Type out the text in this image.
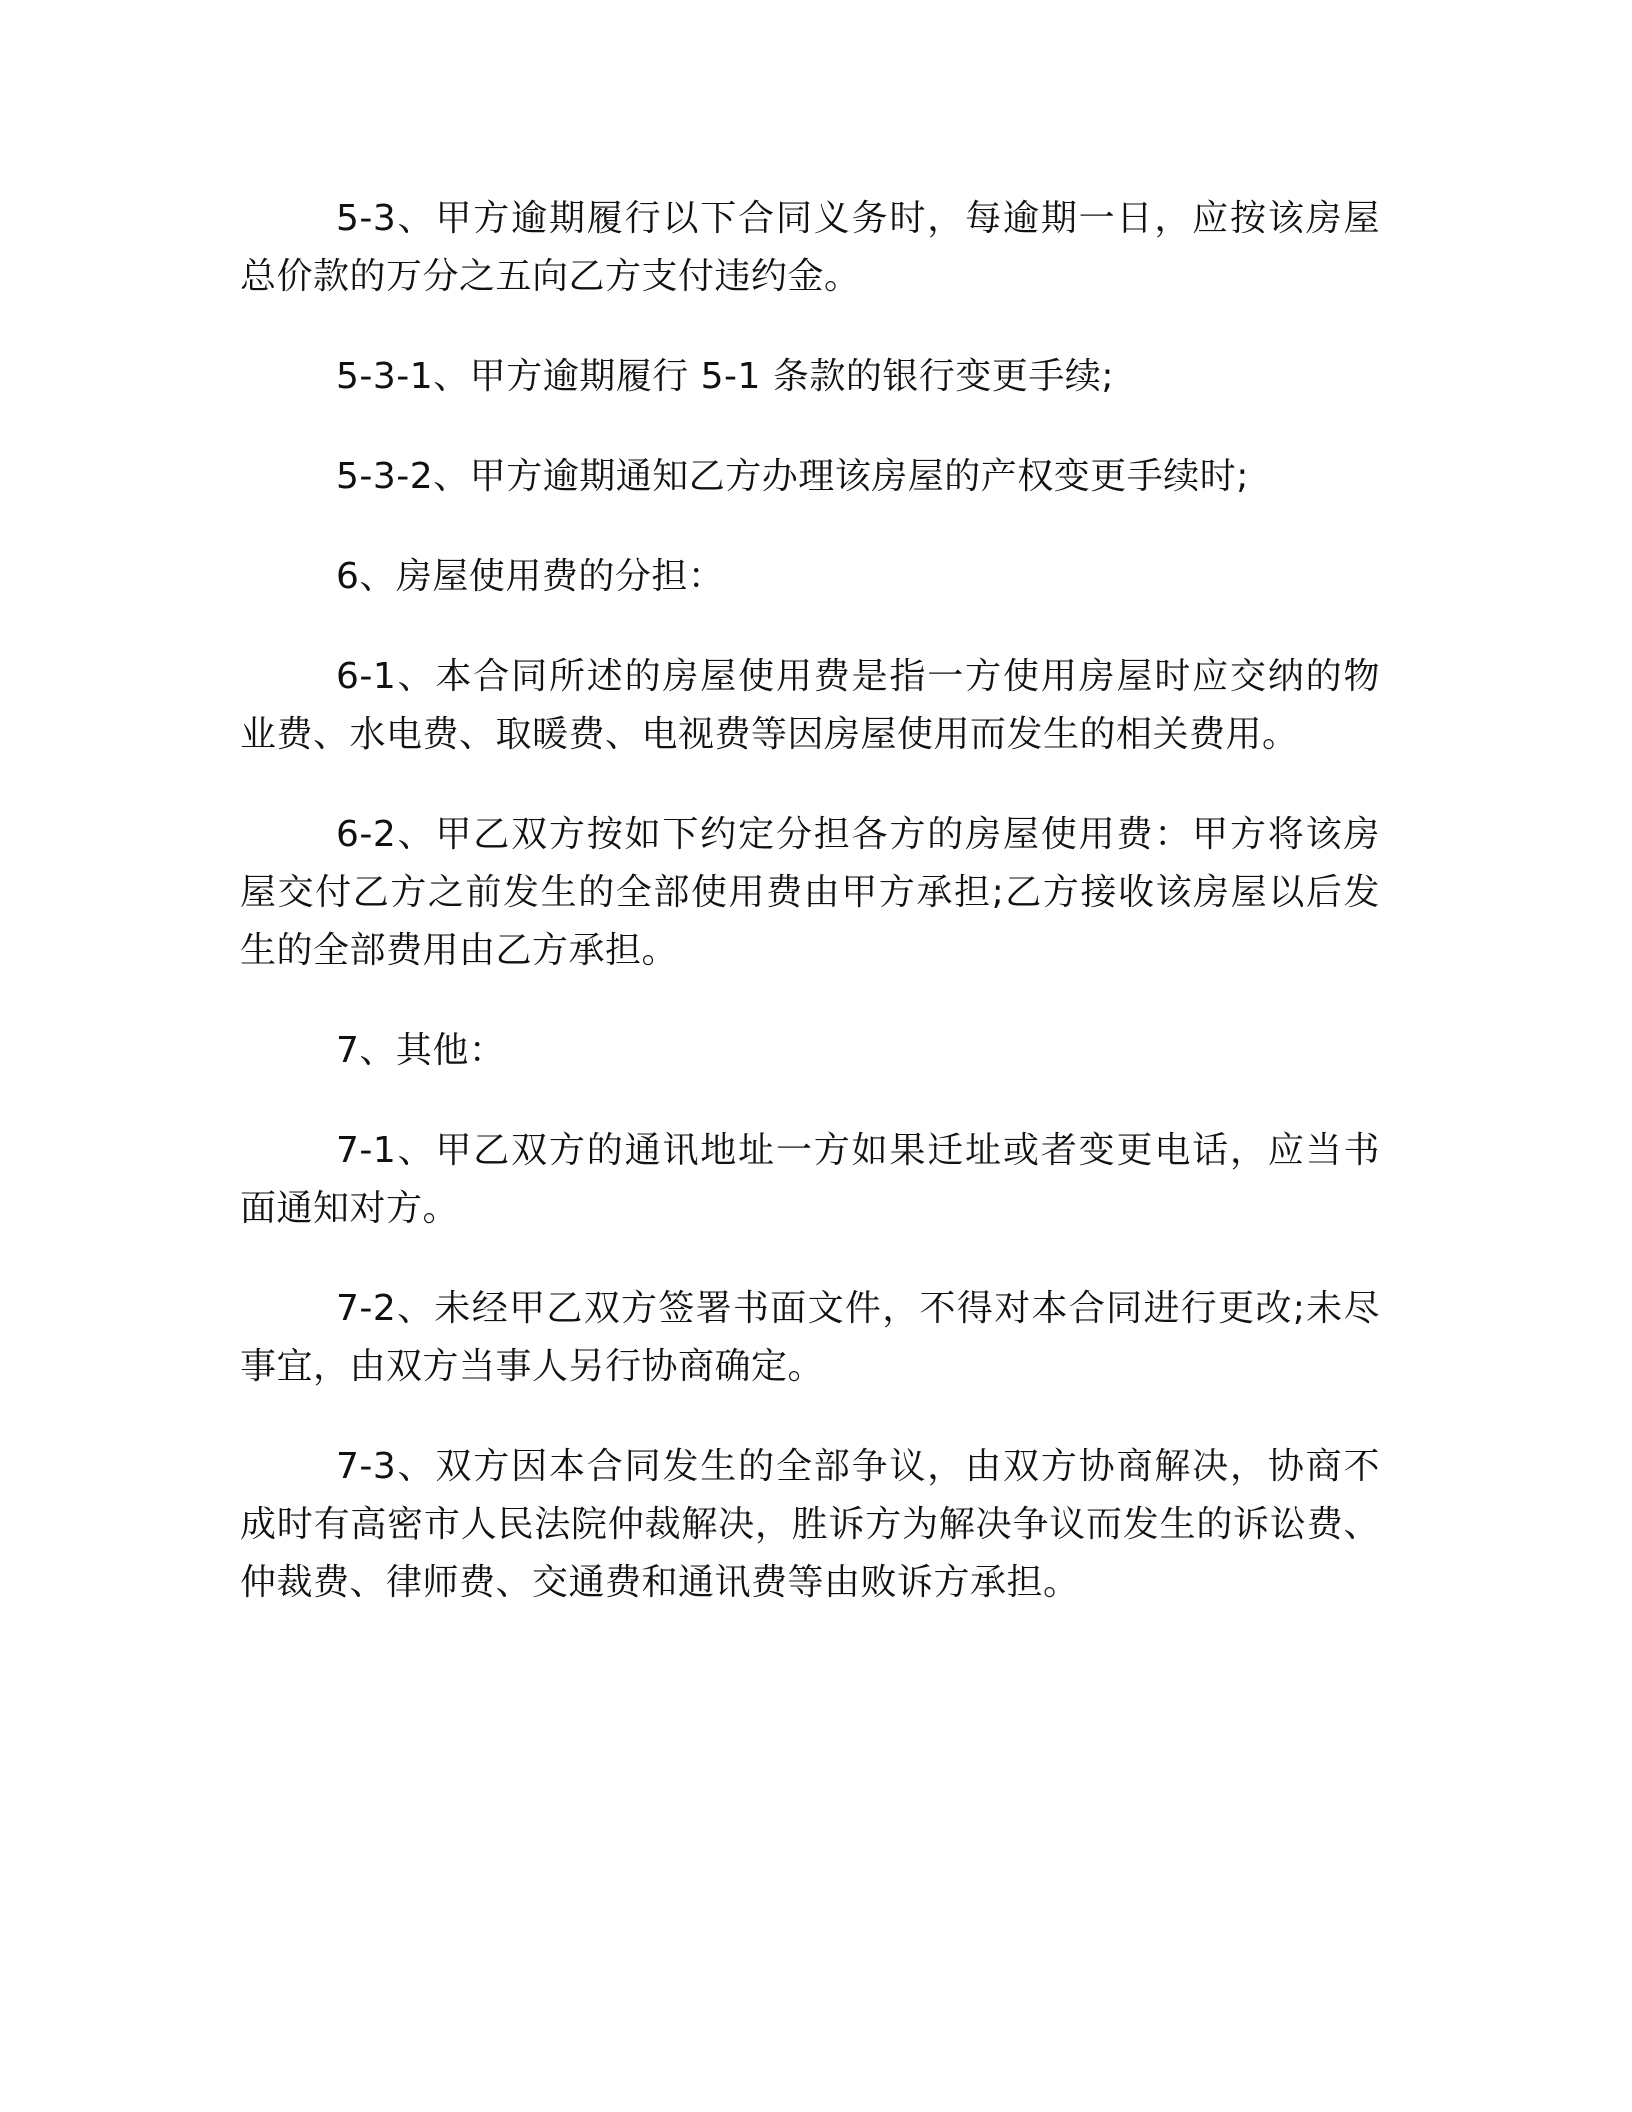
5-3、甲方逾期履行以下合同义务时，每逾期一日，应按该房屋总价款的万分之五向乙方支付违约金。

5-3-1、甲方逾期履行 5-1 条款的银行变更手续;

5-3-2、甲方逾期通知乙方办理该房屋的产权变更手续时;

6、房屋使用费的分担：

6-1、本合同所述的房屋使用费是指一方使用房屋时应交纳的物业费、水电费、取暖费、电视费等因房屋使用而发生的相关费用。

6-2、甲乙双方按如下约定分担各方的房屋使用费：甲方将该房屋交付乙方之前发生的全部使用费由甲方承担;乙方接收该房屋以后发生的全部费用由乙方承担。

7、其他：

7-1、甲乙双方的通讯地址一方如果迁址或者变更电话，应当书面通知对方。

7-2、未经甲乙双方签署书面文件，不得对本合同进行更改;未尽事宜，由双方当事人另行协商确定。

7-3、双方因本合同发生的全部争议，由双方协商解决，协商不成时有高密市人民法院仲裁解决，胜诉方为解决争议而发生的诉讼费、仲裁费、律师费、交通费和通讯费等由败诉方承担。
